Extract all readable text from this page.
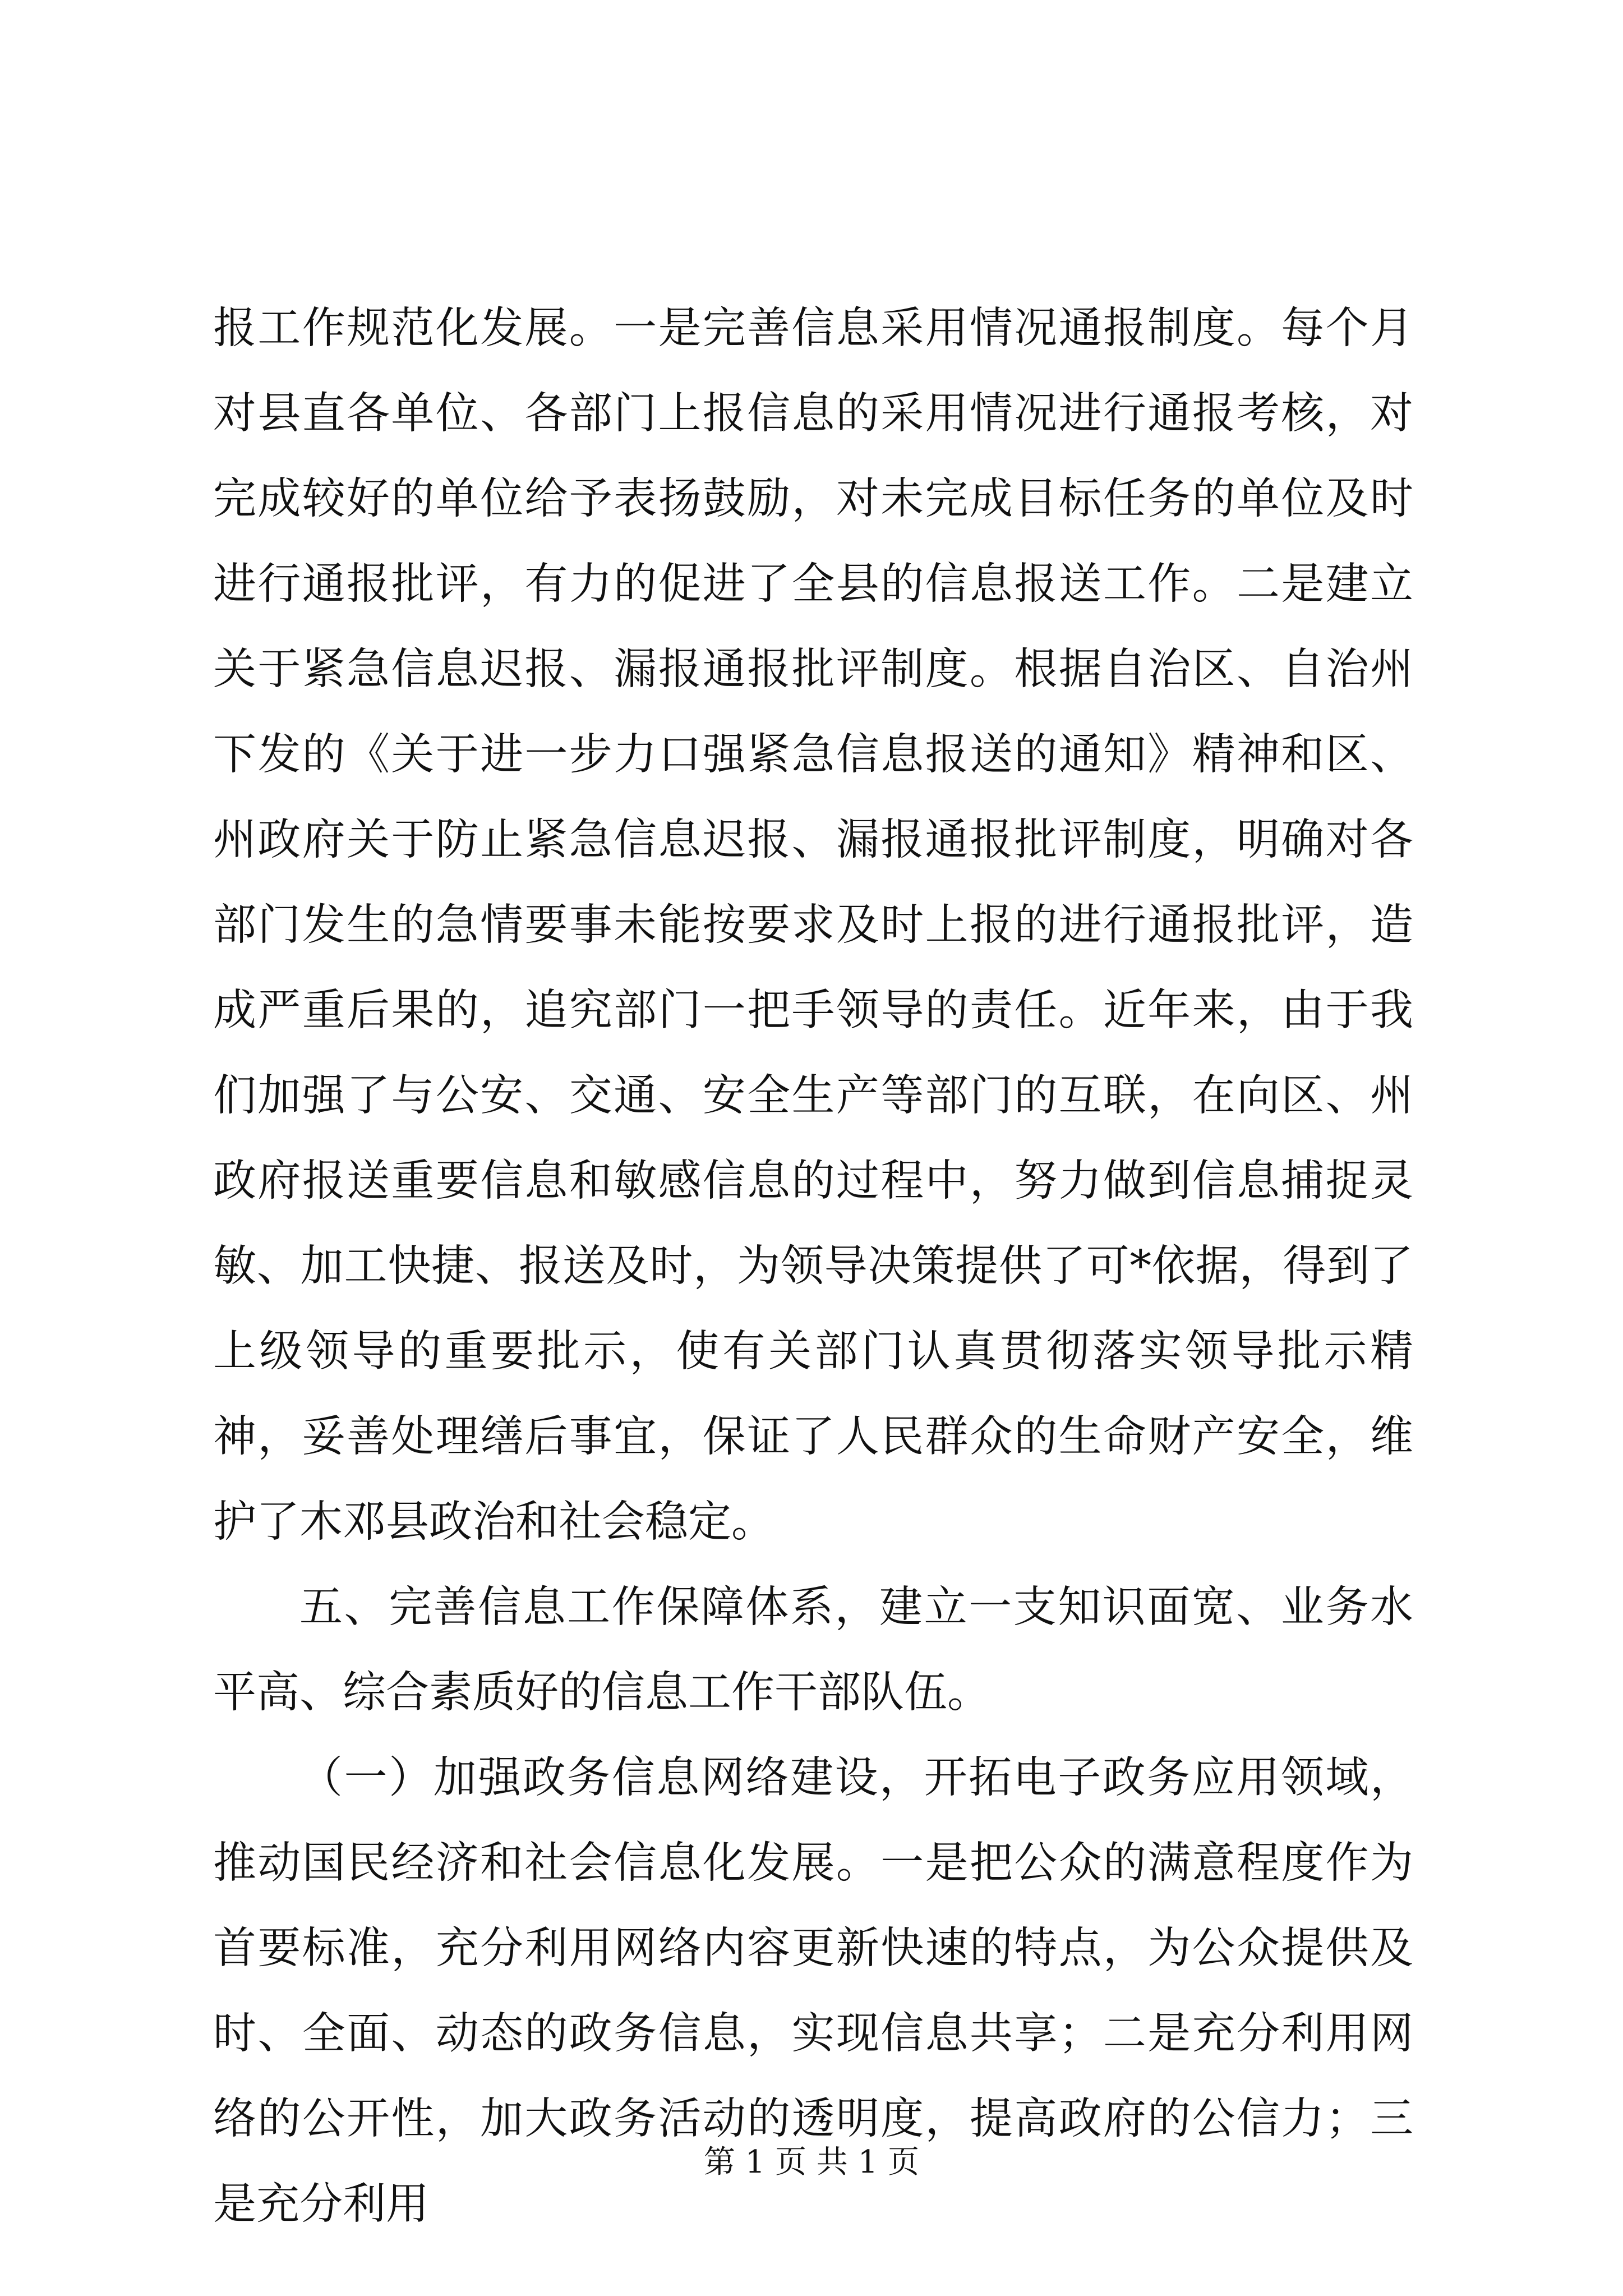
报工作规范化发展。一是完善信息采用情况通报制度。每个月对县直各单位、各部门上报信息的采用情况进行通报考核，对完成较好的单位给予表扬鼓励，对未完成目标任务的单位及时进行通报批评，有力的促进了全县的信息报送工作。二是建立关于紧急信息迟报、漏报通报批评制度。根据自治区、自治州下发的《关于进一步力口强紧急信息报送的通知》精神和区、州政府关于防止紧急信息迟报、漏报通报批评制度，明确对各部门发生的急情要事未能按要求及时上报的进行通报批评，造成严重后果的，追究部门一把手领导的责任。近年来，由于我们加强了与公安、交通、安全生产等部门的互联，在向区、州政府报送重要信息和敏感信息的过程中，努力做到信息捕捉灵敏、加工快捷、报送及时，为领导决策提供了可*依据，得到了上级领导的重要批示，使有关部门认真贯彻落实领导批示精神，妥善处理缮后事宜，保证了人民群众的生命财产安全，维护了木邓县政治和社会稳定。

五、完善信息工作保障体系，建立一支知识面宽、业务水平高、综合素质好的信息工作干部队伍。

（一）加强政务信息网络建设，开拓电子政务应用领域，推动国民经济和社会信息化发展。一是把公众的满意程度作为首要标准，充分利用网络内容更新快速的特点，为公众提供及时、全面、动态的政务信息，实现信息共享；二是充分利用网络的公开性，加大政务活动的透明度，提高政府的公信力；三是充分利用

第 1 页 共 1 页
